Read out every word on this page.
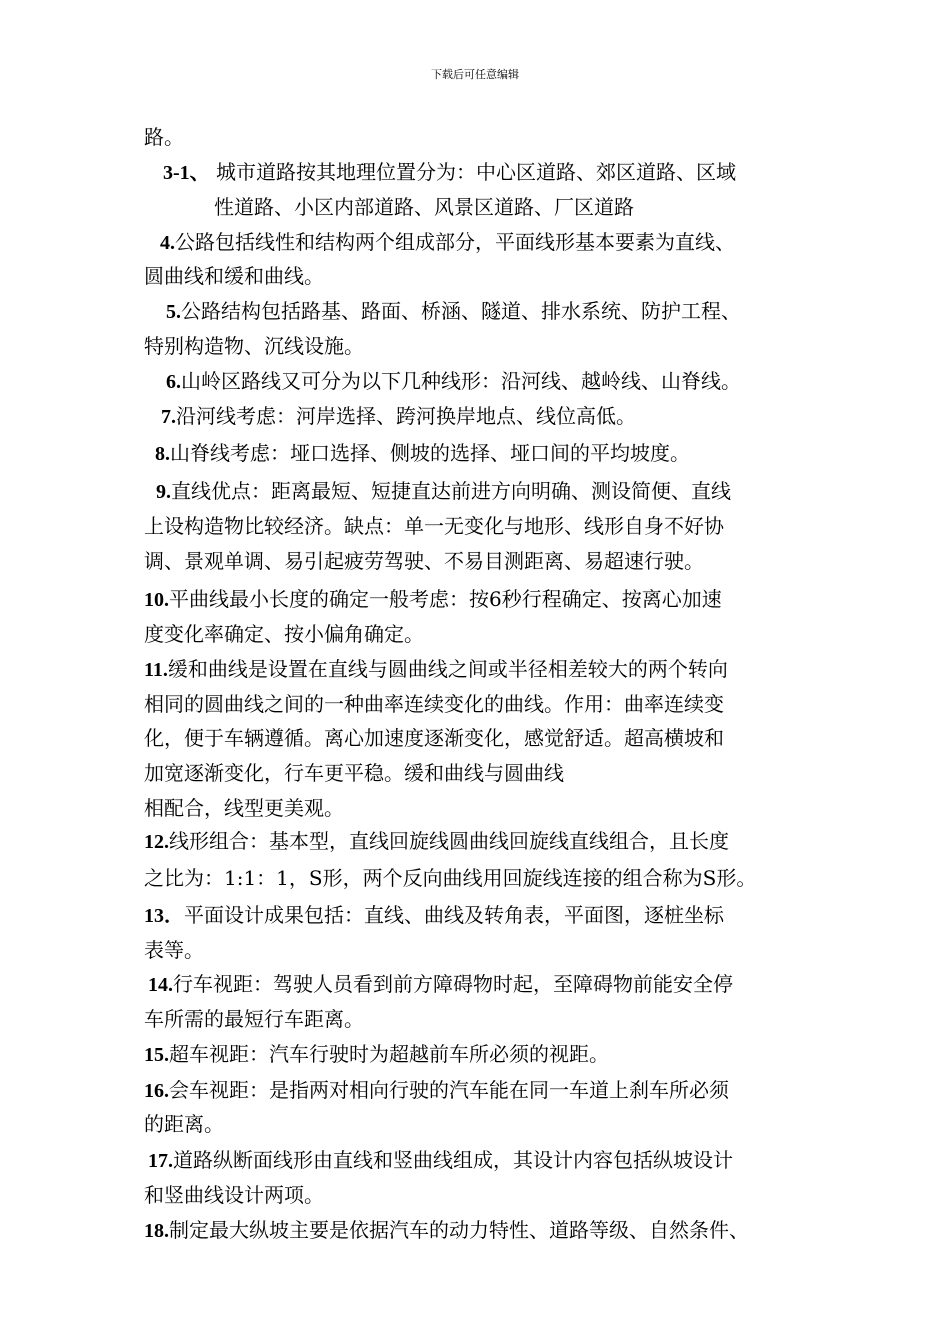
下载后可任意编辑
路。
3-1、 城市道路按其地理位置分为：中心区道路、郊区道路、区域
性道路、小区内部道路、风景区道路、厂区道路
4.公路包括线性和结构两个组成部分，平面线形基本要素为直线、
圆曲线和缓和曲线。
5.公路结构包括路基、路面、桥涵、隧道、排水系统、防护工程、
特别构造物、沉线设施。
6.山岭区路线又可分为以下几种线形：沿河线、越岭线、山脊线。
7.沿河线考虑：河岸选择、跨河换岸地点、线位高低。
8.山脊线考虑：垭口选择、侧坡的选择、垭口间的平均坡度。
9.直线优点：距离最短、短捷直达前进方向明确、测设简便、直线
上设构造物比较经济。缺点：单一无变化与地形、线形自身不好协
调、景观单调、易引起疲劳驾驶、不易目测距离、易超速行驶。
10.平曲线最小长度的确定一般考虑：按6秒行程确定、按离心加速
度变化率确定、按小偏角确定。
11.缓和曲线是设置在直线与圆曲线之间或半径相差较大的两个转向
相同的圆曲线之间的一种曲率连续变化的曲线。作用：曲率连续变
化，便于车辆遵循。离心加速度逐渐变化，感觉舒适。超高横坡和
加宽逐渐变化，行车更平稳。缓和曲线与圆曲线
相配合，线型更美观。
12.线形组合：基本型，直线回旋线圆曲线回旋线直线组合，且长度
之比为：1:1：1，S形，两个反向曲线用回旋线连接的组合称为S形。
13．平面设计成果包括：直线、曲线及转角表，平面图，逐桩坐标
表等。
14.行车视距：驾驶人员看到前方障碍物时起，至障碍物前能安全停
车所需的最短行车距离。
15.超车视距：汽车行驶时为超越前车所必须的视距。
16.会车视距：是指两对相向行驶的汽车能在同一车道上刹车所必须
的距离。
17.道路纵断面线形由直线和竖曲线组成，其设计内容包括纵坡设计
和竖曲线设计两项。
18.制定最大纵坡主要是依据汽车的动力特性、道路等级、自然条件、
